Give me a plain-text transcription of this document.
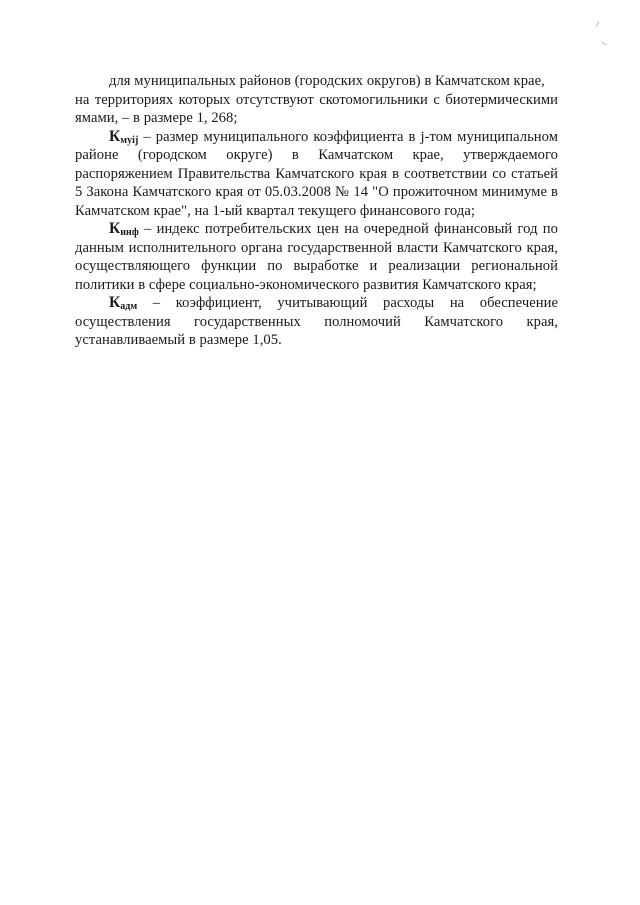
для муниципальных районов (городских округов) в Камчатском крае,
на территориях которых отсутствуют скотомогильники с биотермическими ямами, – в размере 1, 268;

$К_{муij}$ – размер муниципального коэффициента в j-том муниципальном районе (городском округе) в Камчатском крае, утверждаемого распоряжением Правительства Камчатского края в соответствии со статьей 5 Закона Камчатского края от 05.03.2008 № 14 "О прожиточном минимуме в Камчатском крае", на 1-ый квартал текущего финансового года;

$К_{инф}$ – индекс потребительских цен на очередной финансовый год по данным исполнительного органа государственной власти Камчатского края, осуществляющего функции по выработке и реализации региональной политики в сфере социально-экономического развития Камчатского края;

$К_{адм}$ – коэффициент, учитывающий расходы на обеспечение осуществления государственных полномочий Камчатского края, устанавливаемый в размере 1,05.
